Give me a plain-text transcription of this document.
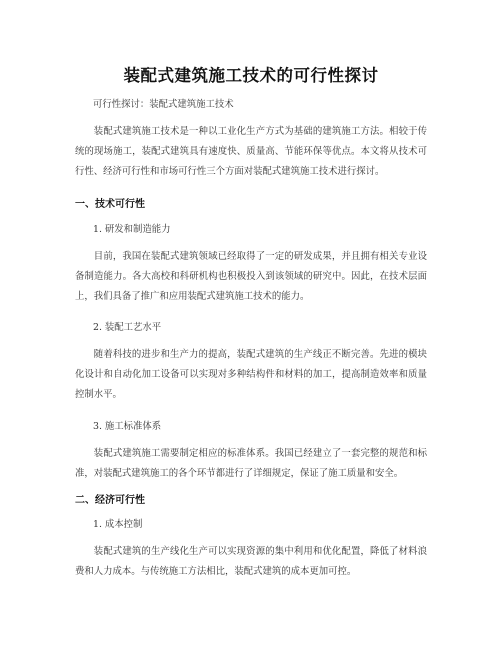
装配式建筑施工技术的可行性探讨
可行性探讨：装配式建筑施工技术
装配式建筑施工技术是一种以工业化生产方式为基础的建筑施工方法。相较于传统的现场施工，装配式建筑具有速度快、质量高、节能环保等优点。本文将从技术可行性、经济可行性和市场可行性三个方面对装配式建筑施工技术进行探讨。
一、技术可行性
1. 研发和制造能力
目前，我国在装配式建筑领域已经取得了一定的研发成果，并且拥有相关专业设备制造能力。各大高校和科研机构也积极投入到该领域的研究中。因此，在技术层面上，我们具备了推广和应用装配式建筑施工技术的能力。
2. 装配工艺水平
随着科技的进步和生产力的提高，装配式建筑的生产线正不断完善。先进的模块化设计和自动化加工设备可以实现对多种结构件和材料的加工，提高制造效率和质量控制水平。
3. 施工标准体系
装配式建筑施工需要制定相应的标准体系。我国已经建立了一套完整的规范和标准，对装配式建筑施工的各个环节都进行了详细规定，保证了施工质量和安全。
二、经济可行性
1. 成本控制
装配式建筑的生产线化生产可以实现资源的集中利用和优化配置，降低了材料浪费和人力成本。与传统施工方法相比，装配式建筑的成本更加可控。
